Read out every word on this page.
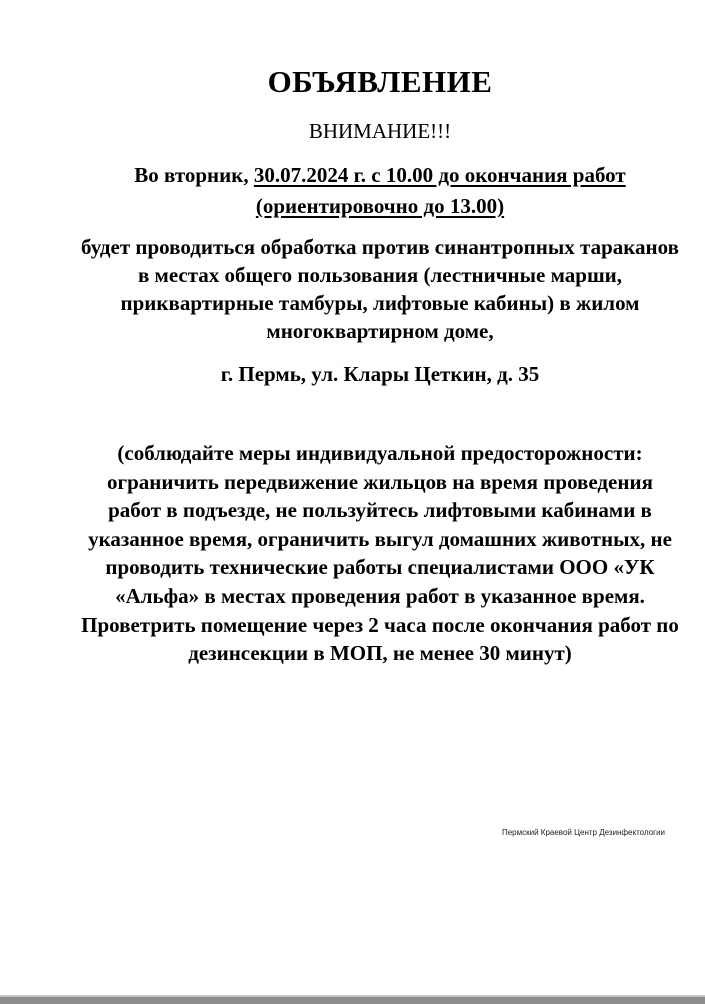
ОБЪЯВЛЕНИЕ
ВНИМАНИЕ!!!
Во вторник, 30.07.2024 г. с 10.00 до окончания работ
(ориентировочно до 13.00)
будет проводиться обработка против синантропных тараканов в местах общего пользования (лестничные марши, приквартирные тамбуры, лифтовые кабины) в жилом многоквартирном доме,
г. Пермь, ул. Клары Цеткин, д. 35
(соблюдайте меры индивидуальной предосторожности: ограничить передвижение жильцов на время проведения работ в подъезде, не пользуйтесь лифтовыми кабинами в указанное время, ограничить выгул домашних животных, не проводить технические работы специалистами ООО «УК «Альфа» в местах проведения работ в указанное время. Проветрить помещение через 2 часа после окончания работ по дезинсекции в МОП, не менее 30 минут)
Пермский Краевой Центр Дезинфектологии
